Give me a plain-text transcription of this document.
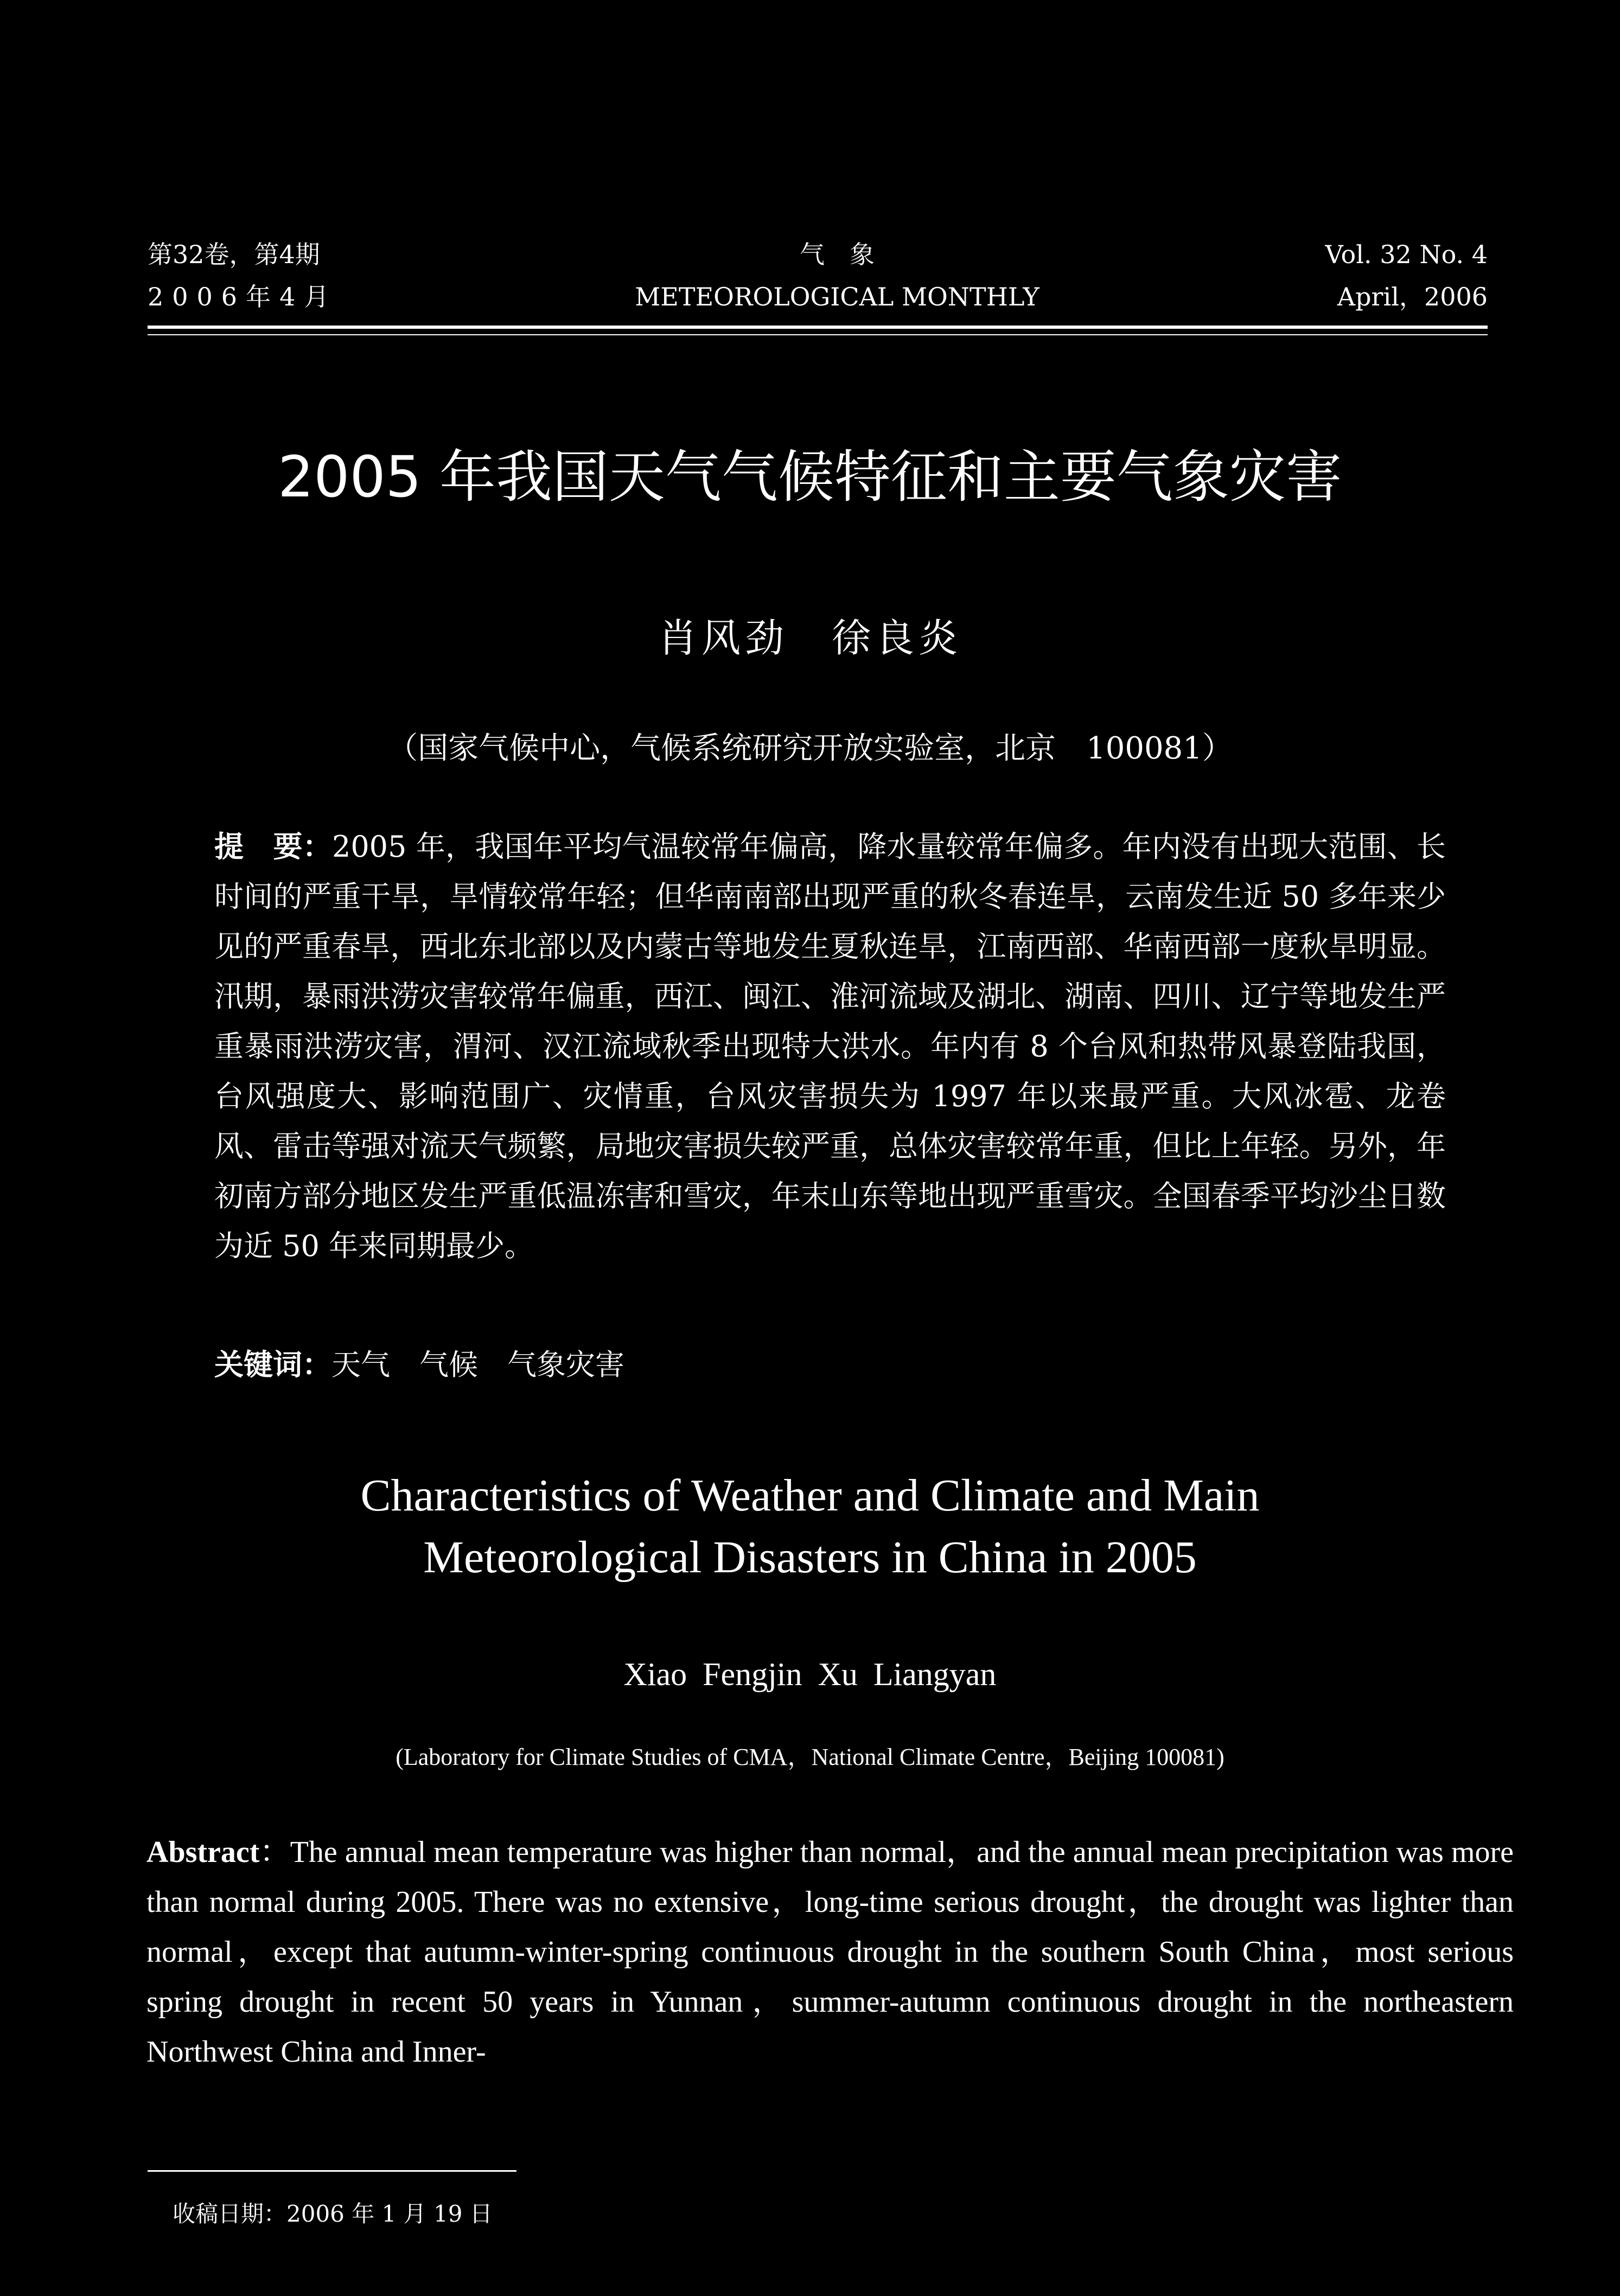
第32卷，第4期
2006年4月
气　象
METEOROLOGICAL MONTHLY
Vol. 32 No. 4
April，2006
2005 年我国天气气候特征和主要气象灾害
肖风劲　徐良炎
（国家气候中心，气候系统研究开放实验室，北京　100081）
提　要：2005 年，我国年平均气温较常年偏高，降水量较常年偏多。年内没有出现大范围、长时间的严重干旱，旱情较常年轻；但华南南部出现严重的秋冬春连旱，云南发生近 50 多年来少见的严重春旱，西北东北部以及内蒙古等地发生夏秋连旱，江南西部、华南西部一度秋旱明显。汛期，暴雨洪涝灾害较常年偏重，西江、闽江、淮河流域及湖北、湖南、四川、辽宁等地发生严重暴雨洪涝灾害，渭河、汉江流域秋季出现特大洪水。年内有 8 个台风和热带风暴登陆我国，台风强度大、影响范围广、灾情重，台风灾害损失为 1997 年以来最严重。大风冰雹、龙卷风、雷击等强对流天气频繁，局地灾害损失较严重，总体灾害较常年重，但比上年轻。另外，年初南方部分地区发生严重低温冻害和雪灾，年末山东等地出现严重雪灾。全国春季平均沙尘日数为近 50 年来同期最少。
关键词：天气　气候　气象灾害
Characteristics of Weather and Climate and Main
Meteorological Disasters in China in 2005
Xiao Fengjin Xu Liangyan
(Laboratory for Climate Studies of CMA，National Climate Centre，Beijing 100081)
Abstract：The annual mean temperature was higher than normal，and the annual mean precipitation was more than normal during 2005. There was no extensive，long-time serious drought，the drought was lighter than normal，except that autumn-winter-spring continuous drought in the southern South China，most serious spring drought in recent 50 years in Yunnan，summer-autumn continuous drought in the northeastern Northwest China and Inner-
收稿日期：2006 年 1 月 19 日
